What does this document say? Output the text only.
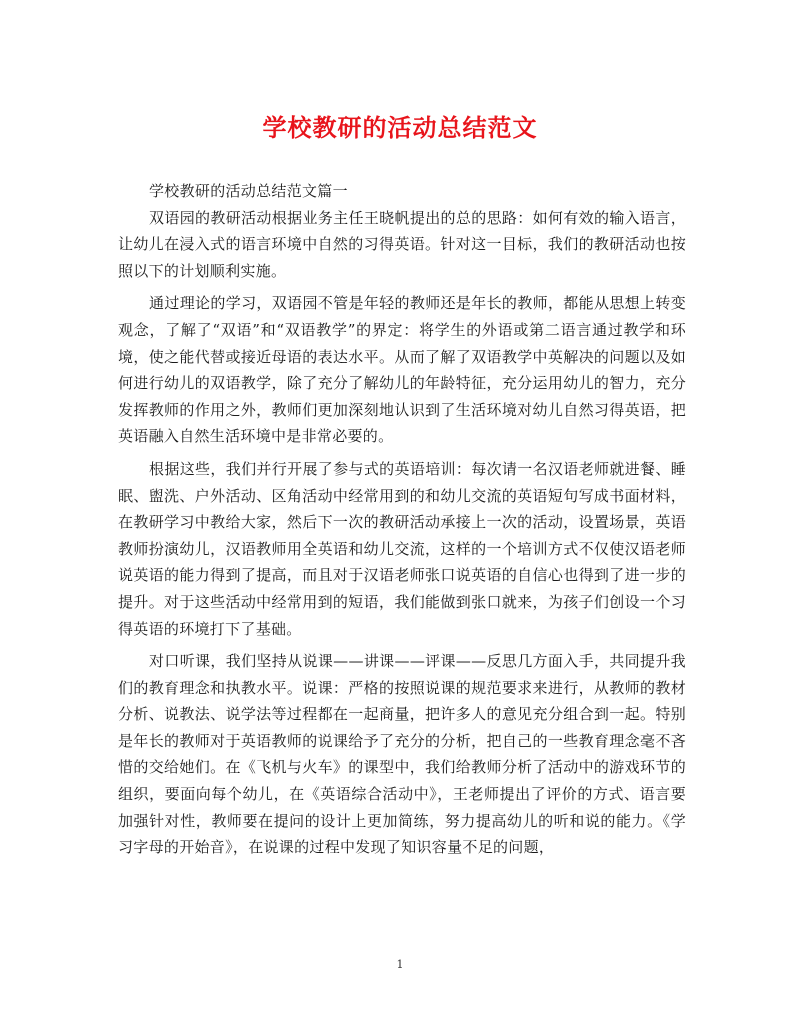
学校教研的活动总结范文

学校教研的活动总结范文篇一

双语园的教研活动根据业务主任王晓帆提出的总的思路：如何有效的输入语言，让幼儿在浸入式的语言环境中自然的习得英语。针对这一目标，我们的教研活动也按照以下的计划顺利实施。

通过理论的学习，双语园不管是年轻的教师还是年长的教师，都能从思想上转变观念，了解了“双语”和“双语教学”的界定：将学生的外语或第二语言通过教学和环境，使之能代替或接近母语的表达水平。从而了解了双语教学中英解决的问题以及如何进行幼儿的双语教学，除了充分了解幼儿的年龄特征，充分运用幼儿的智力，充分发挥教师的作用之外，教师们更加深刻地认识到了生活环境对幼儿自然习得英语，把英语融入自然生活环境中是非常必要的。

根据这些，我们并行开展了参与式的英语培训：每次请一名汉语老师就进餐、睡眠、盥洗、户外活动、区角活动中经常用到的和幼儿交流的英语短句写成书面材料，在教研学习中教给大家，然后下一次的教研活动承接上一次的活动，设置场景，英语教师扮演幼儿，汉语教师用全英语和幼儿交流，这样的一个培训方式不仅使汉语老师说英语的能力得到了提高，而且对于汉语老师张口说英语的自信心也得到了进一步的提升。对于这些活动中经常用到的短语，我们能做到张口就来，为孩子们创设一个习得英语的环境打下了基础。

对口听课，我们坚持从说课——讲课——评课——反思几方面入手，共同提升我们的教育理念和执教水平。说课：严格的按照说课的规范要求来进行，从教师的教材分析、说教法、说学法等过程都在一起商量，把许多人的意见充分组合到一起。特别是年长的教师对于英语教师的说课给予了充分的分析，把自己的一些教育理念毫不吝惜的交给她们。在《飞机与火车》的课型中，我们给教师分析了活动中的游戏环节的组织，要面向每个幼儿，在《英语综合活动中》，王老师提出了评价的方式、语言要加强针对性，教师要在提问的设计上更加简练，努力提高幼儿的听和说的能力。《学习字母的开始音》，在说课的过程中发现了知识容量不足的问题，

1
